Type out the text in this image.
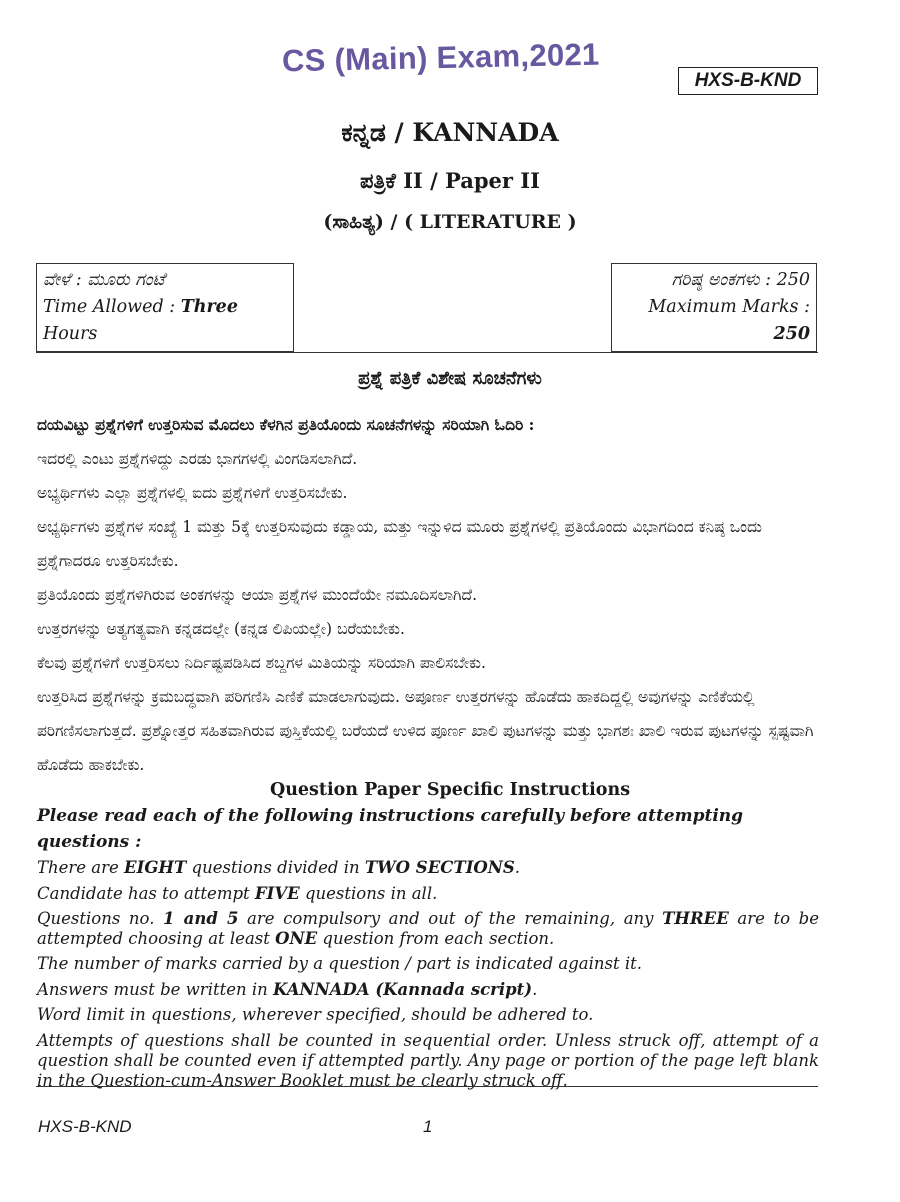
CS (Main) Exam,2021
HXS-B-KND
ಕನ್ನಡ / KANNADA
ಪತ್ರಿಕೆ II / Paper II
(ಸಾಹಿತ್ಯ) / ( LITERATURE )
ವೇಳೆ : ಮೂರು ಗಂಟೆ
Time Allowed : Three Hours
ಗರಿಷ್ಠ ಅಂಕಗಳು : 250
Maximum Marks : 250
ಪ್ರಶ್ನೆ ಪತ್ರಿಕೆ ವಿಶೇಷ ಸೂಚನೆಗಳು

ದಯವಿಟ್ಟು ಪ್ರಶ್ನೆಗಳಿಗೆ ಉತ್ತರಿಸುವ ಮೊದಲು ಕೆಳಗಿನ ಪ್ರತಿಯೊಂದು ಸೂಚನೆಗಳನ್ನು ಸರಿಯಾಗಿ ಓದಿರಿ :

ಇದರಲ್ಲಿ ಎಂಟು ಪ್ರಶ್ನೆಗಳಿದ್ದು ಎರಡು ಭಾಗಗಳಲ್ಲಿ ವಿಂಗಡಿಸಲಾಗಿದೆ.

ಅಭ್ಯರ್ಥಿಗಳು ಎಲ್ಲಾ ಪ್ರಶ್ನೆಗಳಲ್ಲಿ ಐದು ಪ್ರಶ್ನೆಗಳಿಗೆ ಉತ್ತರಿಸಬೇಕು.

ಅಭ್ಯರ್ಥಿಗಳು ಪ್ರಶ್ನೆಗಳ ಸಂಖ್ಯೆ 1 ಮತ್ತು 5ಕ್ಕೆ ಉತ್ತರಿಸುವುದು ಕಡ್ಡಾಯ, ಮತ್ತು ಇನ್ನುಳಿದ ಮೂರು ಪ್ರಶ್ನೆಗಳಲ್ಲಿ ಪ್ರತಿಯೊಂದು ವಿಭಾಗದಿಂದ ಕನಿಷ್ಠ ಒಂದು ಪ್ರಶ್ನೆಗಾದರೂ ಉತ್ತರಿಸಬೇಕು.

ಪ್ರತಿಯೊಂದು ಪ್ರಶ್ನೆಗಳಿಗಿರುವ ಅಂಕಗಳನ್ನು ಆಯಾ ಪ್ರಶ್ನೆಗಳ ಮುಂದೆಯೇ ನಮೂದಿಸಲಾಗಿದೆ.

ಉತ್ತರಗಳನ್ನು ಅತ್ಯಗತ್ಯವಾಗಿ ಕನ್ನಡದಲ್ಲೇ (ಕನ್ನಡ ಲಿಪಿಯಲ್ಲೇ) ಬರೆಯಬೇಕು.

ಕೆಲವು ಪ್ರಶ್ನೆಗಳಿಗೆ ಉತ್ತರಿಸಲು ನಿರ್ದಿಷ್ಟಪಡಿಸಿದ ಶಬ್ದಗಳ ಮಿತಿಯನ್ನು ಸರಿಯಾಗಿ ಪಾಲಿಸಬೇಕು.

ಉತ್ತರಿಸಿದ ಪ್ರಶ್ನೆಗಳನ್ನು ಕ್ರಮಬದ್ಧವಾಗಿ ಪರಿಗಣಿಸಿ ಎಣಿಕೆ ಮಾಡಲಾಗುವುದು. ಅಪೂರ್ಣ ಉತ್ತರಗಳನ್ನು ಹೊಡೆದು ಹಾಕದಿದ್ದಲ್ಲಿ ಅವುಗಳನ್ನು ಎಣಿಕೆಯಲ್ಲಿ ಪರಿಗಣಿಸಲಾಗುತ್ತದೆ. ಪ್ರಶ್ನೋತ್ತರ ಸಹಿತವಾಗಿರುವ ಪುಸ್ತಿಕೆಯಲ್ಲಿ ಬರೆಯದೆ ಉಳಿದ ಪೂರ್ಣ ಖಾಲಿ ಪುಟಗಳನ್ನು ಮತ್ತು ಭಾಗಶಃ ಖಾಲಿ ಇರುವ ಪುಟಗಳನ್ನು ಸ್ಪಷ್ಟವಾಗಿ ಹೊಡೆದು ಹಾಕಬೇಕು.

Question Paper Specific Instructions

Please read each of the following instructions carefully before attempting questions :

There are EIGHT questions divided in TWO SECTIONS.

Candidate has to attempt FIVE questions in all.

Questions no. 1 and 5 are compulsory and out of the remaining, any THREE are to be attempted choosing at least ONE question from each section.

The number of marks carried by a question / part is indicated against it.

Answers must be written in KANNADA (Kannada script).

Word limit in questions, wherever specified, should be adhered to.

Attempts of questions shall be counted in sequential order. Unless struck off, attempt of a question shall be counted even if attempted partly. Any page or portion of the page left blank in the Question-cum-Answer Booklet must be clearly struck off.

HXS-B-KND	1
